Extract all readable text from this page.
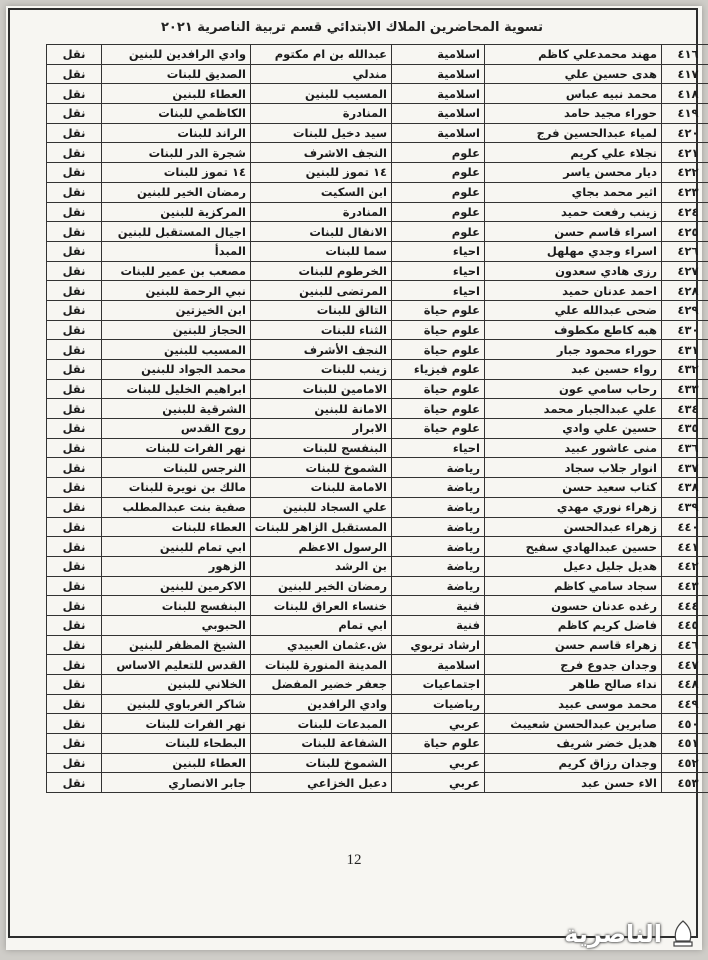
تسوية المحاضرين الملاك الابتدائي قسم تربية الناصرية ٢٠٢١
٤١٦	مهند محمدعلي كاظم	اسلامية	عبدالله بن ام مكتوم	وادي الرافدين للبنين	نقل
٤١٧	هدى حسين علي	اسلامية	مندلي	الصديق للبنات	نقل
٤١٨	محمد نبيه عباس	اسلامية	المسيب للبنين	العطاء للبنين	نقل
٤١٩	حوراء مجيد حامد	اسلامية	المنادرة	الكاظمي للبنات	نقل
٤٢٠	لمياء عبدالحسين فرج	اسلامية	سيد دخيل للبنات	الراند للبنات	نقل
٤٢١	نجلاء علي كريم	علوم	النجف الاشرف	شجرة الدر للبنات	نقل
٤٢٢	ديار محسن ياسر	علوم	١٤ تموز للبنين	١٤ تموز للبنات	نقل
٤٢٣	اثير محمد بجاي	علوم	ابن السكيت	رمضان الخير للبنين	نقل
٤٢٤	زينب رفعت حميد	علوم	المنادرة	المركزية للبنين	نقل
٤٢٥	اسراء قاسم حسن	علوم	الانفال للبنات	اجيال المستقبل للبنين	نقل
٤٢٦	اسراء وجدي مهلهل	احياء	سما للبنات	المبدأ	نقل
٤٢٧	رزى هادي سعدون	احياء	الخرطوم للبنات	مصعب بن عمير للبنات	نقل
٤٢٨	احمد عدنان حميد	احياء	المرتضى للبنين	نبي الرحمة للبنين	نقل
٤٢٩	ضحى عبدالله علي	علوم حياة	التالق للبنات	ابن الخيزتين	نقل
٤٣٠	هبه كاطع مكطوف	علوم حياة	الثناء للبنات	الحجاز للبنين	نقل
٤٣١	حوراء محمود جبار	علوم حياة	النجف الأشرف	المسيب للبنين	نقل
٤٣٢	رواء حسين عبد	علوم فيزياء	زينب للبنات	محمد الجواد للبنين	نقل
٤٣٣	رحاب سامي عون	علوم حياة	الامامين للبنات	ابراهيم الخليل للبنات	نقل
٤٣٤	علي عبدالجبار محمد	علوم حياة	الامانة للبنين	الشرقية للبنين	نقل
٤٣٥	حسين علي وادي	علوم حياة	الابرار	روح القدس	نقل
٤٣٦	منى عاشور عبيد	احياء	البنفسج للبنات	نهر الفرات للبنات	نقل
٤٣٧	انوار جلاب سجاد	رياضة	الشموخ للبنات	النرجس للبنات	نقل
٤٣٨	كتاب سعيد حسن	رياضة	الامامة للبنات	مالك بن نويرة للبنات	نقل
٤٣٩	زهراء نوري مهدي	رياضة	علي السجاد للبنين	صفية بنت عبدالمطلب	نقل
٤٤٠	زهراء عبدالحسن	رياضة	المستقبل الزاهر للبنات	العطاء للبنات	نقل
٤٤١	حسين عبدالهادي سفيح	رياضة	الرسول الاعظم	ابي تمام للبنين	نقل
٤٤٢	هديل جليل دعيل	رياضة	بن الرشد	الزهور	نقل
٤٤٣	سجاد سامي كاظم	رياضة	رمضان الخير للبنين	الاكرمين للبنين	نقل
٤٤٤	رغده عدنان حسون	فنية	خنساء العراق للبنات	البنفسج للبنات	نقل
٤٤٥	فاضل كريم كاظم	فنية	ابي تمام	الحبوبي	نقل
٤٤٦	زهراء قاسم حسن	ارشاد تربوي	ش.عثمان العبيدي	الشيخ المظفر للبنين	نقل
٤٤٧	وجدان جدوع فرج	اسلامية	المدينة المنورة للبنات	القدس للتعليم الاساس	نقل
٤٤٨	نداء صالح طاهر	اجتماعيات	جعفر خضير المفضل	الخلاني للبنين	نقل
٤٤٩	محمد موسى عبيد	رياضيات	وادي الرافدين	شاكر الغرباوي للبنين	نقل
٤٥٠	صابرين عبدالحسن شعيبث	عربي	المبدعات للبنات	نهر الفرات للبنات	نقل
٤٥١	هديل خضر شريف	علوم حياة	الشفاعة للبنات	البطحاء للبنات	نقل
٤٥٢	وجدان رزاق كريم	عربي	الشموخ للبنات	العطاء للبنين	نقل
٤٥٣	الاء حسن عبد	عربي	دعبل الخزاعي	جابر الانصاري	نقل
12
الناصرية
